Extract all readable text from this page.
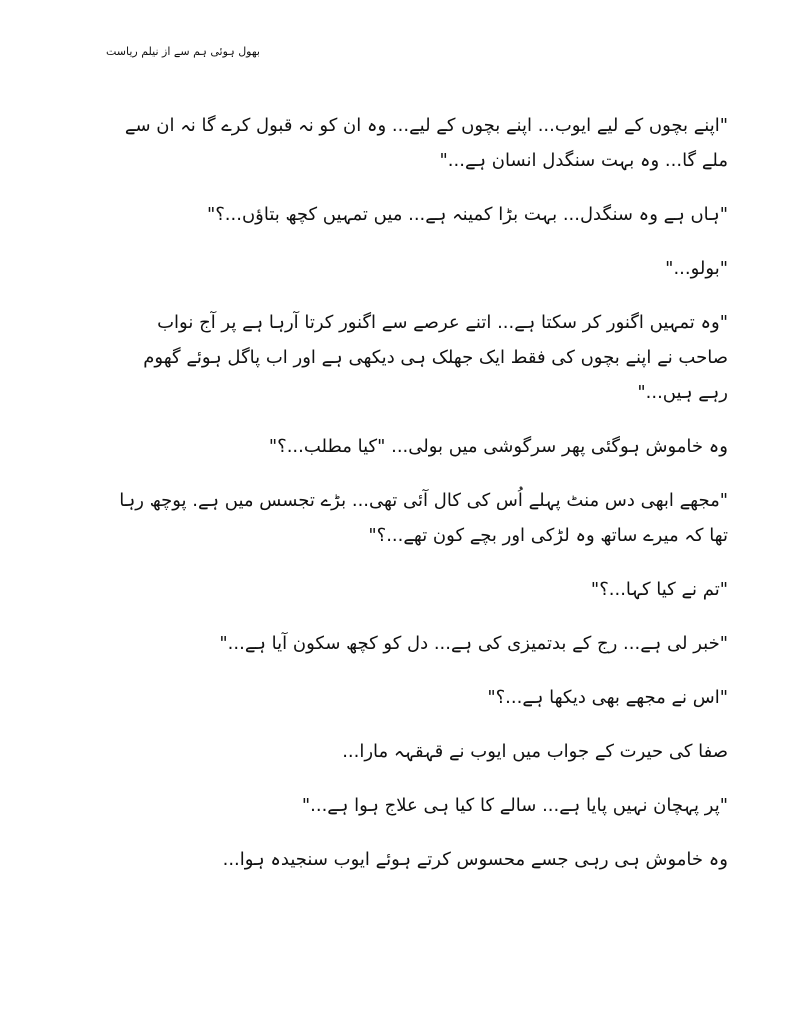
بھول ہوئی ہم سے از نیلم ریاست

"اپنے بچوں کے لیے ایوب... اپنے بچوں کے لیے... وہ ان کو نہ قبول کرے گا نہ ان سے ملے گا... وہ بہت سنگدل انسان ہے..."

"ہاں ہے وہ سنگدل... بہت بڑا کمینہ ہے... میں تمہیں کچھ بتاؤں...؟"

"بولو..."

"وہ تمہیں اگنور کر سکتا ہے... اتنے عرصے سے اگنور کرتا آرہا ہے پر آج نواب صاحب نے اپنے بچوں کی فقط ایک جھلک ہی دیکھی ہے اور اب پاگل ہوئے گھوم رہے ہیں..."

وہ خاموش ہوگئی پھر سرگوشی میں بولی... "کیا مطلب...؟"

"مجھے ابھی دس منٹ پہلے اُس کی کال آئی تھی... بڑے تجسس میں ہے. پوچھ رہا تھا کہ میرے ساتھ وہ لڑکی اور بچے کون تھے...؟"

"تم نے کیا کہا...؟"

"خبر لی ہے... رج کے بدتمیزی کی ہے... دل کو کچھ سکون آیا ہے..."

"اس نے مجھے بھی دیکھا ہے...؟"

صفا کی حیرت کے جواب میں ایوب نے قہقہہ مارا...

"پر پہچان نہیں پایا ہے... سالے کا کیا ہی علاج ہوا ہے..."

وہ خاموش ہی رہی جسے محسوس کرتے ہوئے ایوب سنجیدہ ہوا...
